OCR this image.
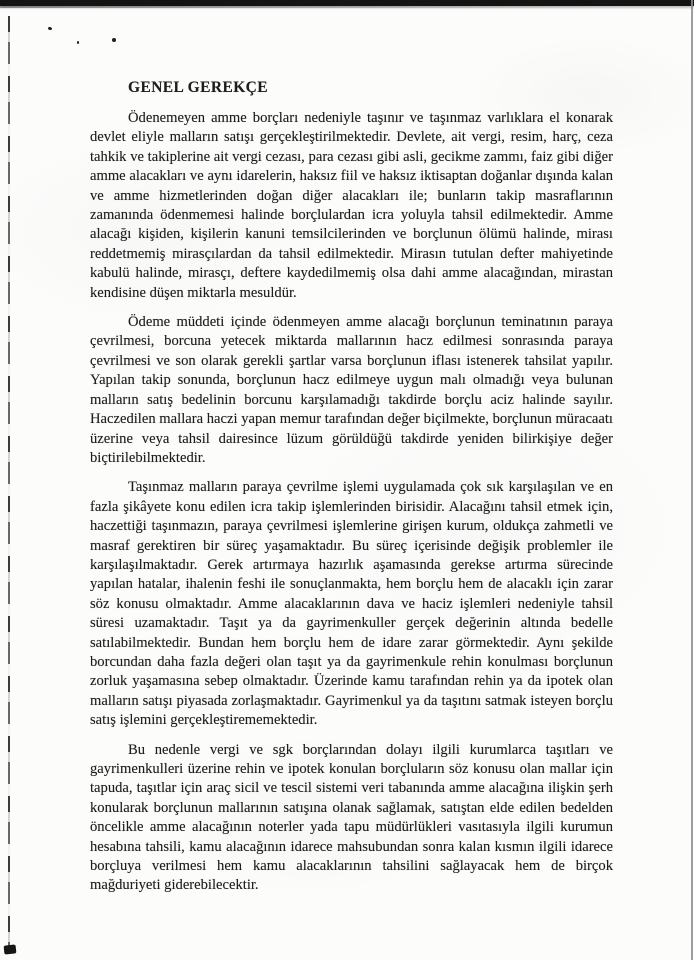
GENEL GEREKÇE

Ödenemeyen amme borçları nedeniyle taşınır ve taşınmaz varlıklara el konarak devlet eliyle malların satışı gerçekleştirilmektedir. Devlete, ait vergi, resim, harç, ceza tahkik ve takiplerine ait vergi cezası, para cezası gibi asli, gecikme zammı, faiz gibi diğer amme alacakları ve aynı idarelerin, haksız fiil ve haksız iktisaptan doğanlar dışında kalan ve amme hizmetlerinden doğan diğer alacakları ile; bunların takip masraflarının zamanında ödenmemesi halinde borçlulardan icra yoluyla tahsil edilmektedir. Amme alacağı kişiden, kişilerin kanuni temsilcilerinden ve borçlunun ölümü halinde, mirası reddetmemiş mirasçılardan da tahsil edilmektedir. Mirasın tutulan defter mahiyetinde kabulü halinde, mirasçı, deftere kaydedilmemiş olsa dahi amme alacağından, mirastan kendisine düşen miktarla mesuldür.

Ödeme müddeti içinde ödenmeyen amme alacağı borçlunun teminatının paraya çevrilmesi, borcuna yetecek miktarda mallarının hacz edilmesi sonrasında paraya çevrilmesi ve son olarak gerekli şartlar varsa borçlunun iflası istenerek tahsilat yapılır. Yapılan takip sonunda, borçlunun hacz edilmeye uygun malı olmadığı veya bulunan malların satış bedelinin borcunu karşılamadığı takdirde borçlu aciz halinde sayılır. Haczedilen mallara haczi yapan memur tarafından değer biçilmekte, borçlunun müracaatı üzerine veya tahsil dairesince lüzum görüldüğü takdirde yeniden bilirkişiye değer biçtirilebilmektedir.

Taşınmaz malların paraya çevrilme işlemi uygulamada çok sık karşılaşılan ve en fazla şikâyete konu edilen icra takip işlemlerinden birisidir. Alacağını tahsil etmek için, haczettiği taşınmazın, paraya çevrilmesi işlemlerine girişen kurum, oldukça zahmetli ve masraf gerektiren bir süreç yaşamaktadır. Bu süreç içerisinde değişik problemler ile karşılaşılmaktadır. Gerek artırmaya hazırlık aşamasında gerekse artırma sürecinde yapılan hatalar, ihalenin feshi ile sonuçlanmakta, hem borçlu hem de alacaklı için zarar söz konusu olmaktadır. Amme alacaklarının dava ve haciz işlemleri nedeniyle tahsil süresi uzamaktadır. Taşıt ya da gayrimenkuller gerçek değerinin altında bedelle satılabilmektedir. Bundan hem borçlu hem de idare zarar görmektedir. Aynı şekilde borcundan daha fazla değeri olan taşıt ya da gayrimenkule rehin konulması borçlunun zorluk yaşamasına sebep olmaktadır. Üzerinde kamu tarafından rehin ya da ipotek olan malların satışı piyasada zorlaşmaktadır. Gayrimenkul ya da taşıtını satmak isteyen borçlu satış işlemini gerçekleştirememektedir.

Bu nedenle vergi ve sgk borçlarından dolayı ilgili kurumlarca taşıtları ve gayrimenkulleri üzerine rehin ve ipotek konulan borçluların söz konusu olan mallar için tapuda, taşıtlar için araç sicil ve tescil sistemi veri tabanında amme alacağına ilişkin şerh konularak borçlunun mallarının satışına olanak sağlamak, satıştan elde edilen bedelden öncelikle amme alacağının noterler yada tapu müdürlükleri vasıtasıyla ilgili kurumun hesabına tahsili, kamu alacağının idarece mahsubundan sonra kalan kısmın ilgili idarece borçluya verilmesi hem kamu alacaklarının tahsilini sağlayacak hem de birçok mağduriyeti giderebilecektir.
